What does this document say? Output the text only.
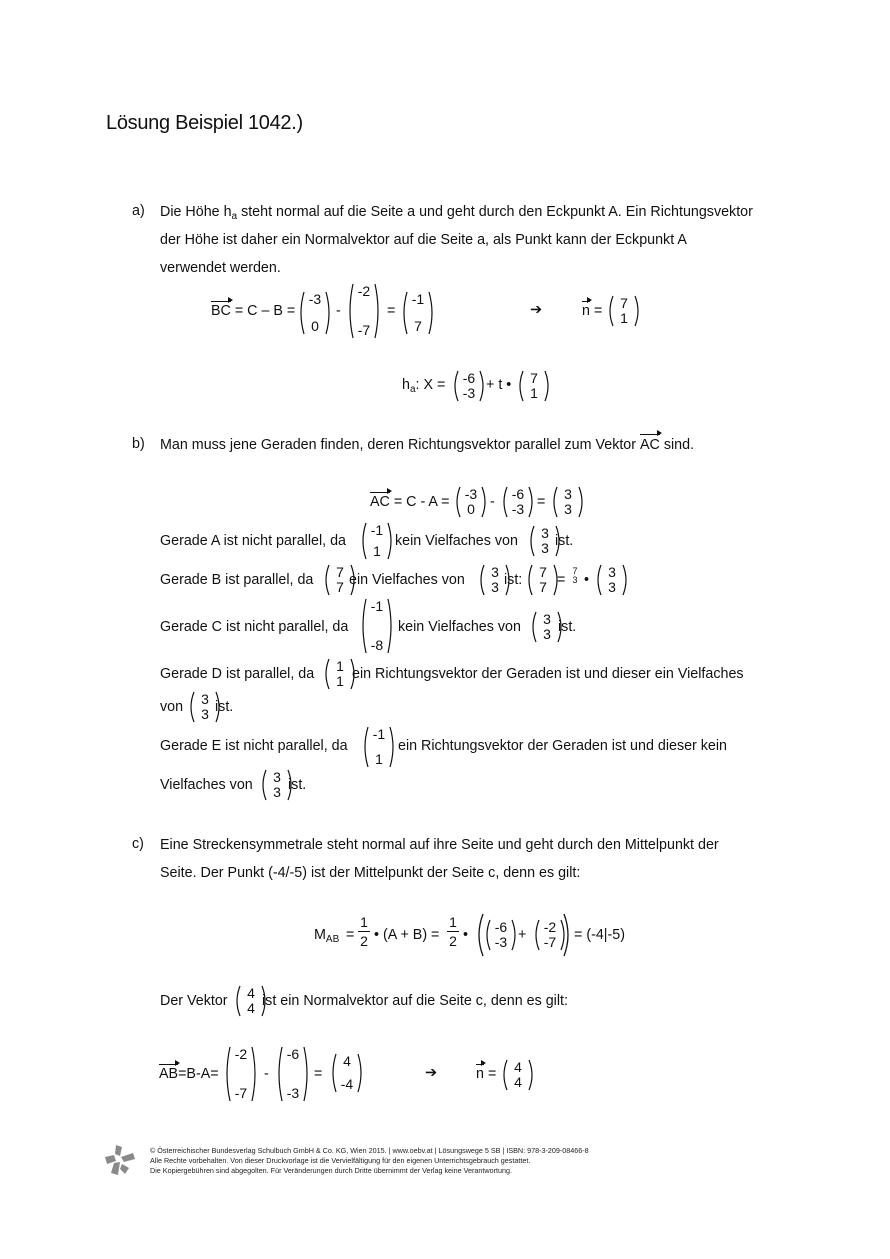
Lösung Beispiel 1042.)
a) Die Höhe $h_a$ steht normal auf die Seite a und geht durch den Eckpunkt A. Ein Richtungsvektor
der Höhe ist daher ein Normalvektor auf die Seite a, als Punkt kann der Eckpunkt A
verwendet werden.
BC = C – B =
-3
0
-
-2
-7
=
-1
7
➔	n =	7
1
$h_a$: X =	-6
-3 + t •	7
1
b) Man muss jene Geraden finden, deren Richtungsvektor parallel zum Vektor AC sind.
AC = C - A =	-3
0	-	-6
-3 =	3
3
Gerade A ist nicht parallel, da
-1
1
kein Vielfaches von	3
3 ist.
Gerade B ist parallel, da	7
7 ein Vielfaches von	3
3 ist:	7
7 =
7
3 •	3
3
Gerade C ist nicht parallel, da
-1
-8
kein Vielfaches von	3
3 ist.
Gerade D ist parallel, da	1
1 ein Richtungsvektor der Geraden ist und dieser ein Vielfaches
von	3
3 ist.
Gerade E ist nicht parallel, da
-1
1
ein Richtungsvektor der Geraden ist und dieser kein
Vielfaches von	3
3 ist.
c) Eine Streckensymmetrale steht normal auf ihre Seite und geht durch den Mittelpunkt der
Seite. Der Punkt (-4/-5) ist der Mittelpunkt der Seite c, denn es gilt:
$M_{AB}$ =
1
2 • (A + B) =
1
2 •	-6
-3 +	-2
-7	= (-4|-5)
Der Vektor	4
4 ist ein Normalvektor auf die Seite c, denn es gilt:
AB=B-A=
-2
-7
-
-6
-3
=
4
-4
➔	n =	4
4
© Österreichischer Bundesverlag Schulbuch GmbH & Co. KG, Wien 2015. | www.oebv.at | Lösungswege 5 SB | ISBN: 978-3-209-08466-8
Alle Rechte vorbehalten. Von dieser Druckvorlage ist die Vervielfältigung für den eigenen Unterrichtsgebrauch gestattet.
Die Kopiergebühren sind abgegolten. Für Veränderungen durch Dritte übernimmt der Verlag keine Verantwortung.
